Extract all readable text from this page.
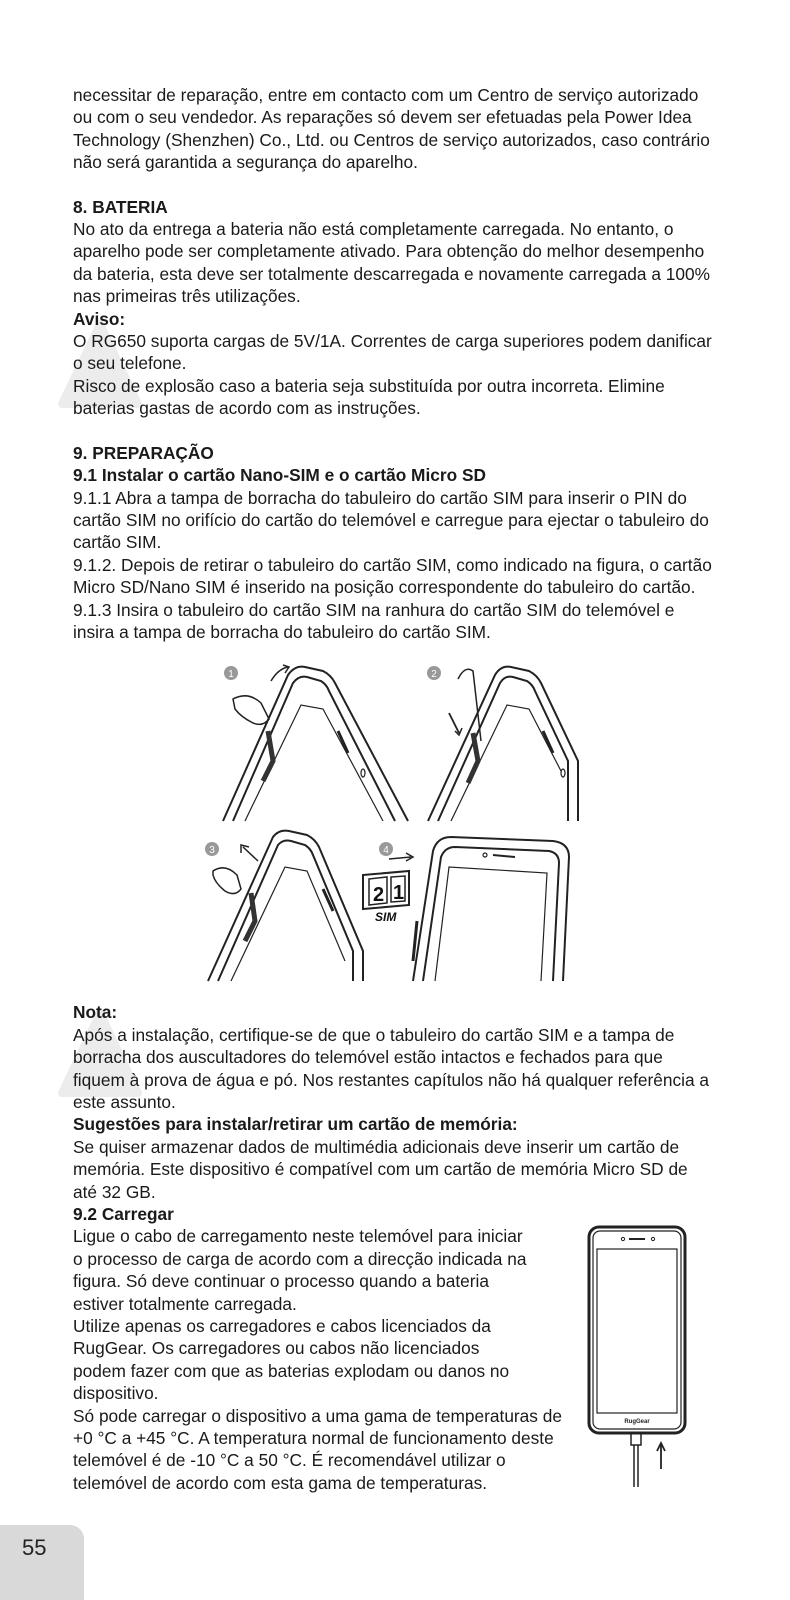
necessitar de reparação, entre em contacto com um Centro de serviço autorizado ou com o seu vendedor. As reparações só devem ser efetuadas pela Power Idea Technology (Shenzhen) Co., Ltd. ou Centros de serviço autorizados, caso contrário não será garantida a segurança do aparelho.

8. BATERIA

No ato da entrega a bateria não está completamente carregada. No entanto, o aparelho pode ser completamente ativado. Para obtenção do melhor desempenho da bateria, esta deve ser totalmente descarregada e novamente carregada a 100% nas primeiras três utilizações.

Aviso:

O RG650 suporta cargas de 5V/1A. Correntes de carga superiores podem danificar o seu telefone.

Risco de explosão caso a bateria seja substituída por outra incorreta. Elimine baterias gastas de acordo com as instruções.

9. PREPARAÇÃO

9.1 Instalar o cartão Nano-SIM e o cartão Micro SD

9.1.1 Abra a tampa de borracha do tabuleiro do cartão SIM para inserir o PIN do cartão SIM no orifício do cartão do telemóvel e carregue para ejectar o tabuleiro do cartão SIM.

9.1.2. Depois de retirar o tabuleiro do cartão SIM, como indicado na figura, o cartão Micro SD/Nano SIM é inserido na posição correspondente do tabuleiro do cartão.

9.1.3 Insira o tabuleiro do cartão SIM na ranhura do cartão SIM do telemóvel e insira a tampa de borracha do tabuleiro do cartão SIM.

1	2
3	4
2 1
SIM

Nota:

Após a instalação, certifique-se de que o tabuleiro do cartão SIM e a tampa de borracha dos auscultadores do telemóvel estão intactos e fechados para que fiquem à prova de água e pó. Nos restantes capítulos não há qualquer referência a este assunto.

Sugestões para instalar/retirar um cartão de memória:

Se quiser armazenar dados de multimédia adicionais deve inserir um cartão de memória. Este dispositivo é compatível com um cartão de memória Micro SD de até 32 GB.

9.2 Carregar

Ligue o cabo de carregamento neste telemóvel para iniciar o processo de carga de acordo com a direcção indicada na figura. Só deve continuar o processo quando a bateria estiver totalmente carregada.

Utilize apenas os carregadores e cabos licenciados da RugGear. Os carregadores ou cabos não licenciados podem fazer com que as baterias explodam ou danos no dispositivo.

Só pode carregar o dispositivo a uma gama de temperaturas de +0 °C a +45 °C. A temperatura normal de funcionamento deste telemóvel é de -10 °C a 50 °C. É recomendável utilizar o telemóvel de acordo com esta gama de temperaturas.

RugGear
55
